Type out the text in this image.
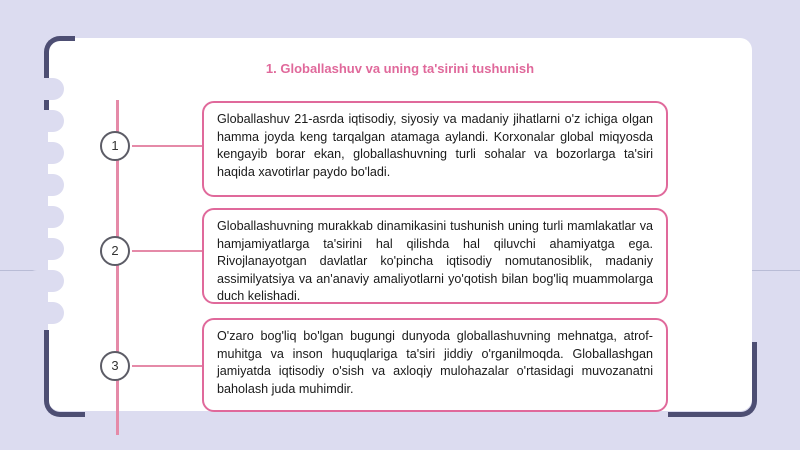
1. Globallashuv va uning ta'sirini tushunish
1
Globallashuv 21-asrda iqtisodiy, siyosiy va madaniy jihatlarni o'z ichiga olgan hamma joyda keng tarqalgan atamaga aylandi. Korxonalar global miqyosda kengayib borar ekan, globallashuvning turli sohalar va bozorlarga ta'siri haqida xavotirlar paydo bo'ladi.
2
Globallashuvning murakkab dinamikasini tushunish uning turli mamlakatlar va hamjamiyatlarga ta'sirini hal qilishda hal qiluvchi ahamiyatga ega. Rivojlanayotgan davlatlar ko'pincha iqtisodiy nomutanosiblik, madaniy assimilyatsiya va an'anaviy amaliyotlarni yo'qotish bilan bog'liq muammolarga duch kelishadi.
3
O'zaro bog'liq bo'lgan bugungi dunyoda globallashuvning mehnatga, atrof-muhitga va inson huquqlariga ta'siri jiddiy o'rganilmoqda. Globallashgan jamiyatda iqtisodiy o'sish va axloqiy mulohazalar o'rtasidagi muvozanatni baholash juda muhimdir.
